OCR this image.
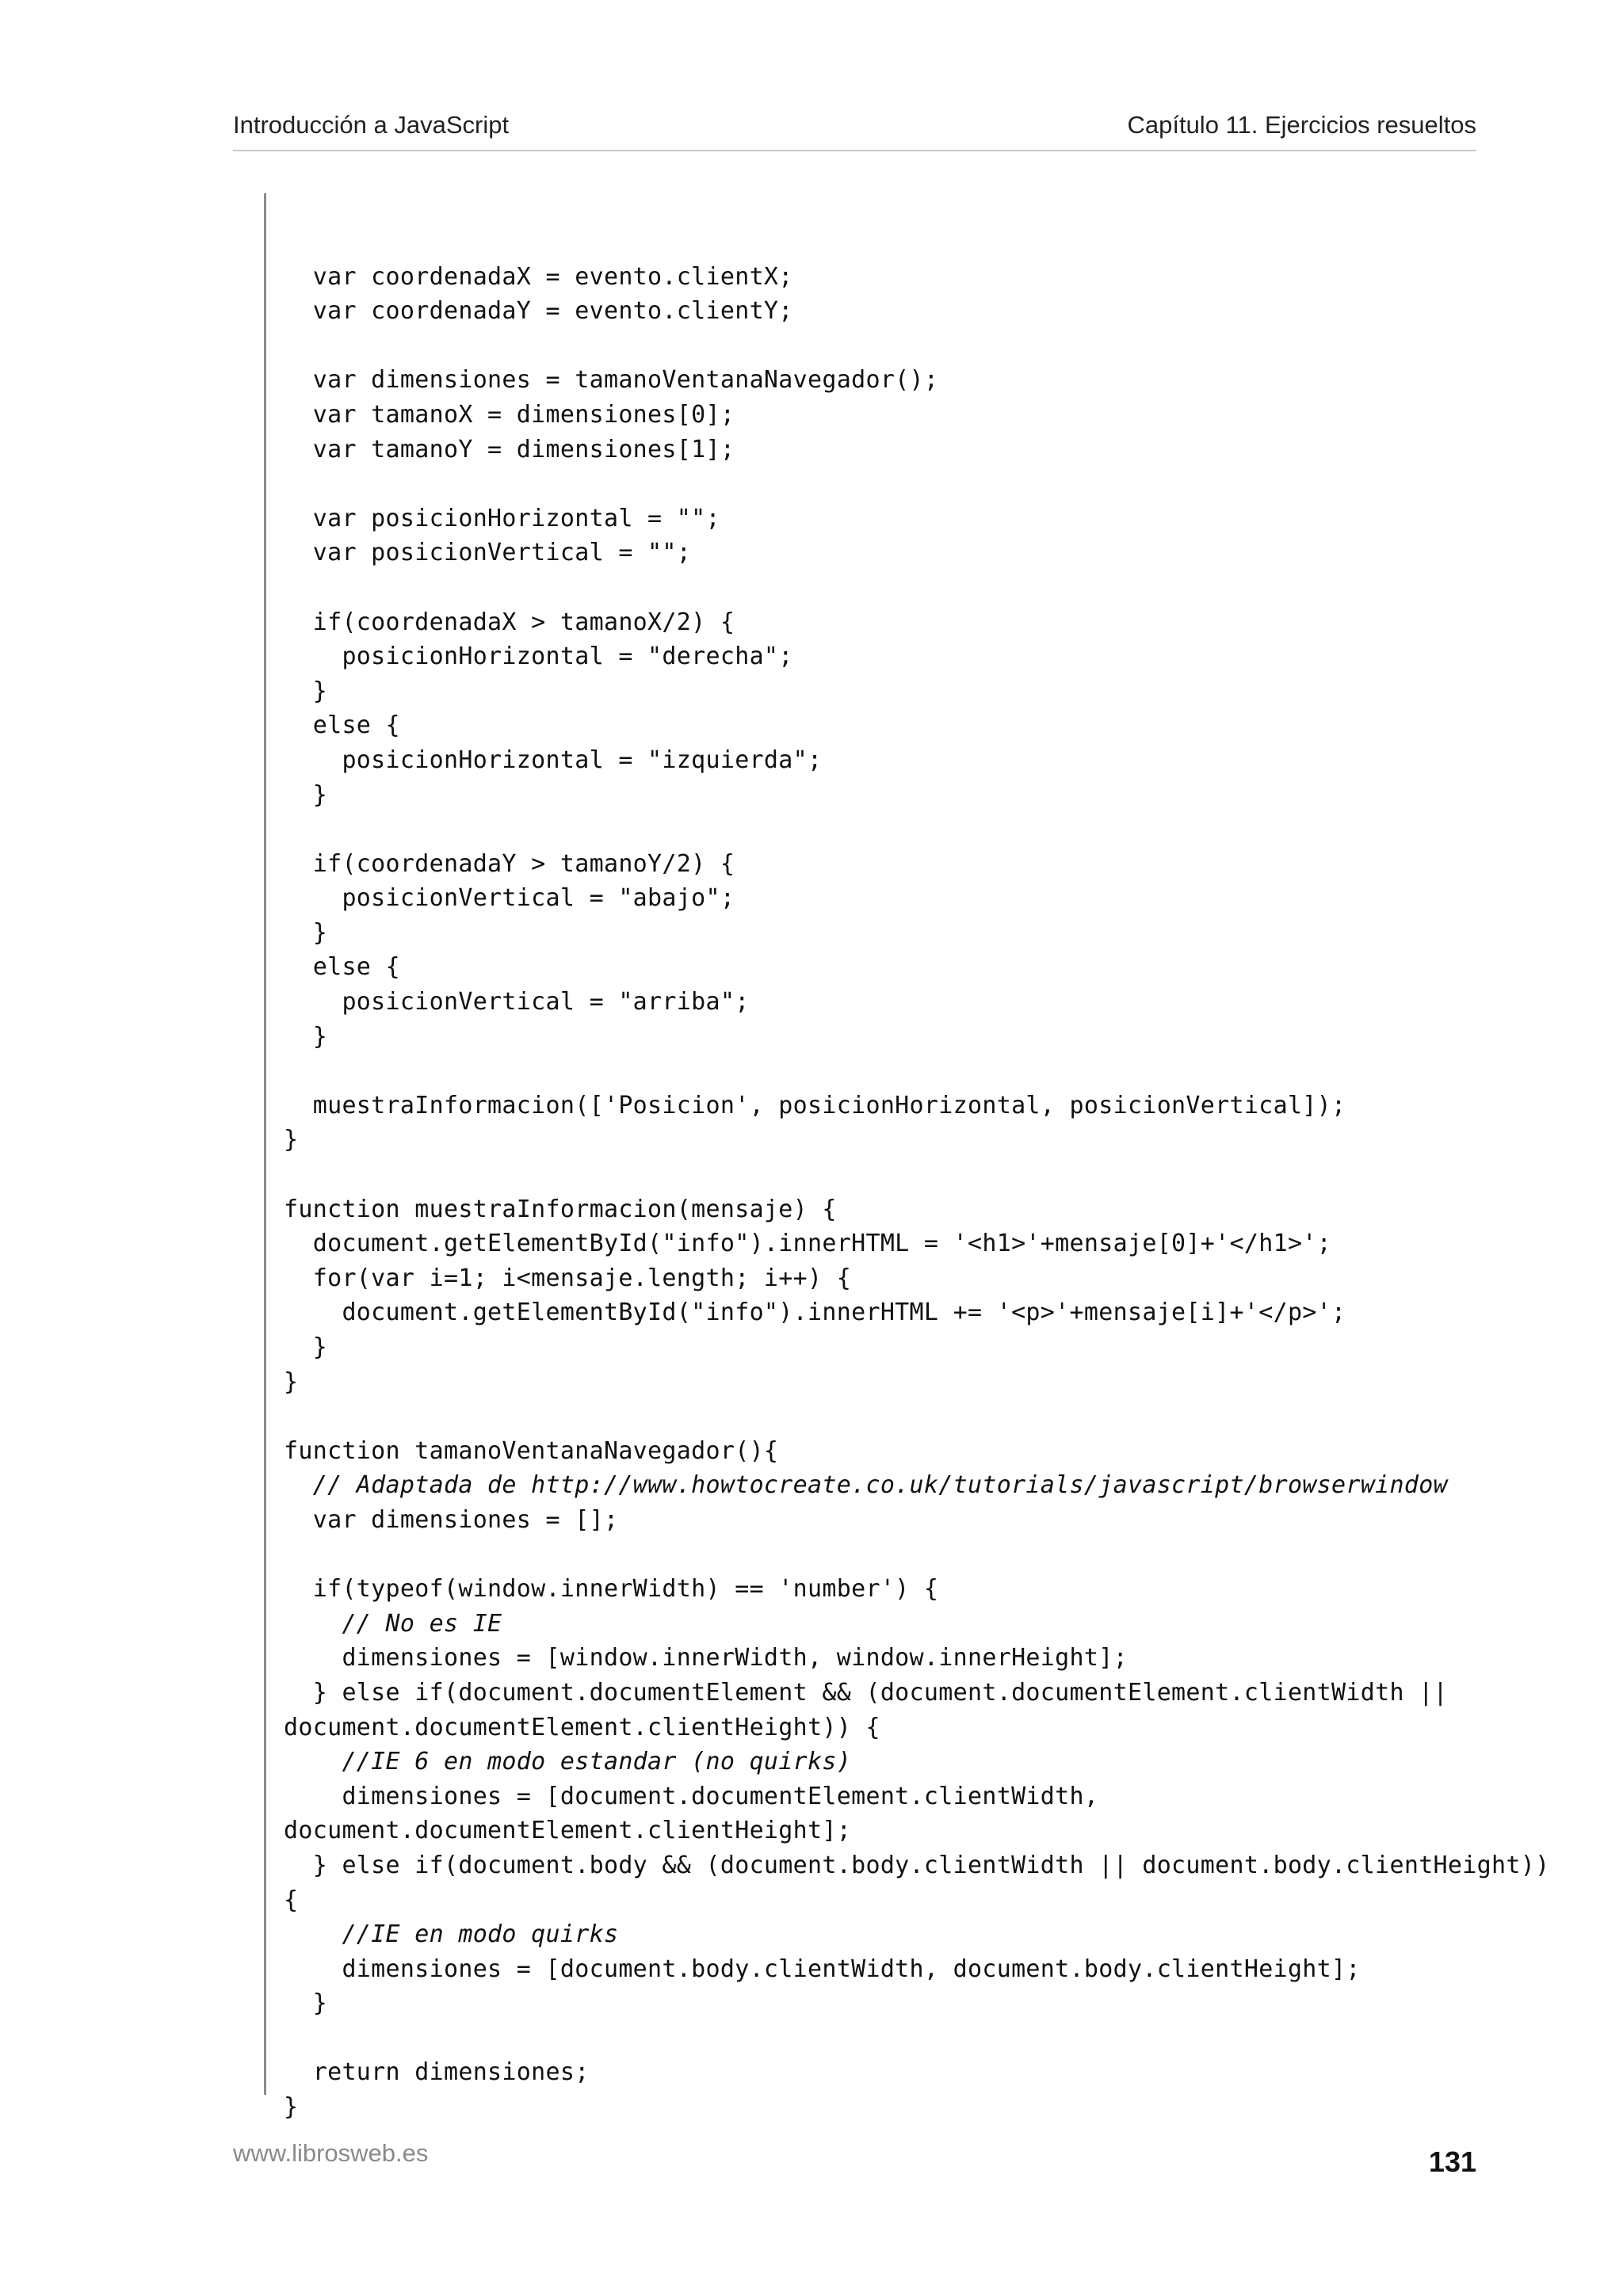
Introducción a JavaScript	Capítulo 11. Ejercicios resueltos
var coordenadaX = evento.clientX;
var coordenadaY = evento.clientY;
var dimensiones = tamanoVentanaNavegador();
var tamanoX = dimensiones[0];
var tamanoY = dimensiones[1];
var posicionHorizontal = "";
var posicionVertical = "";
if(coordenadaX > tamanoX/2) {
posicionHorizontal = "derecha";
}
else {
posicionHorizontal = "izquierda";
}
if(coordenadaY > tamanoY/2) {
posicionVertical = "abajo";
}
else {
posicionVertical = "arriba";
}
muestraInformacion(['Posicion', posicionHorizontal, posicionVertical]);
}
function muestraInformacion(mensaje) {
document.getElementById("info").innerHTML = '<h1>'+mensaje[0]+'</h1>';
for(var i=1; i<mensaje.length; i++) {
document.getElementById("info").innerHTML += '<p>'+mensaje[i]+'</p>';
}
}
function tamanoVentanaNavegador(){
// Adaptada de http://www.howtocreate.co.uk/tutorials/javascript/browserwindow
var dimensiones = [];
if(typeof(window.innerWidth) == 'number') {
// No es IE
dimensiones = [window.innerWidth, window.innerHeight];
} else if(document.documentElement && (document.documentElement.clientWidth ||
document.documentElement.clientHeight)) {
//IE 6 en modo estandar (no quirks)
dimensiones = [document.documentElement.clientWidth,
document.documentElement.clientHeight];
} else if(document.body && (document.body.clientWidth || document.body.clientHeight))
{
//IE en modo quirks
dimensiones = [document.body.clientWidth, document.body.clientHeight];
}
return dimensiones;
}
www.librosweb.es	131
